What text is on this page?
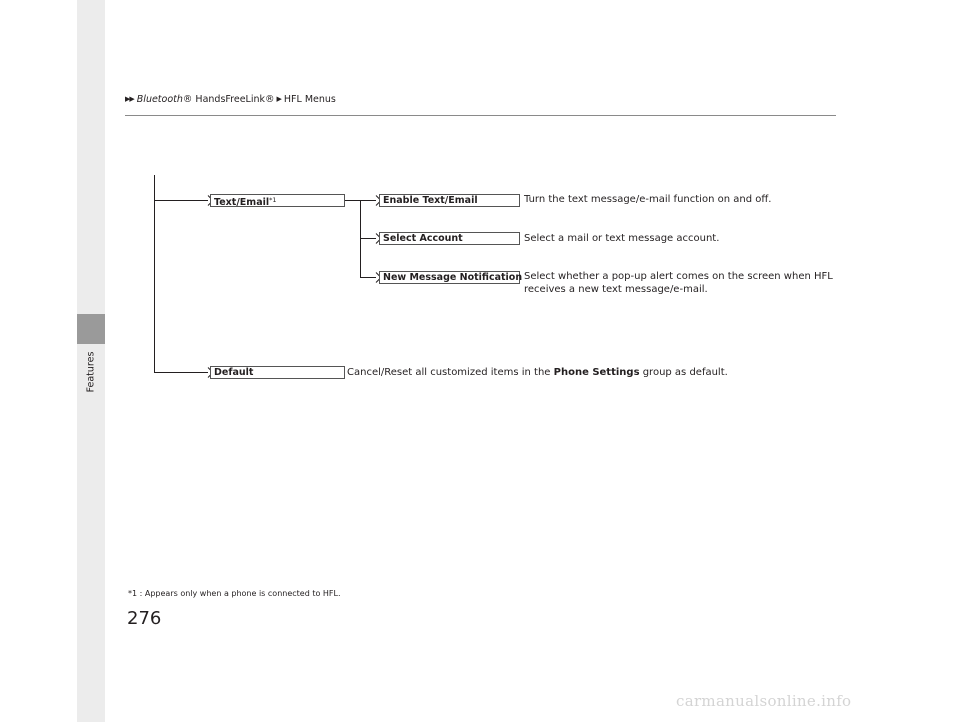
Features
▶▶ Bluetooth® HandsFreeLink® ▶ HFL Menus
Text/Email$^{*1}$	Enable Text/Email	Turn the text message/e-mail function on and off.
Select Account	Select a mail or text message account.
New Message Notification Select whether a pop-up alert comes on the screen when HFL
receives a new text message/e-mail.
Default	Cancel/Reset all customized items in the Phone Settings group as default.
*1 : Appears only when a phone is connected to HFL.
276
carmanualsonline.info
